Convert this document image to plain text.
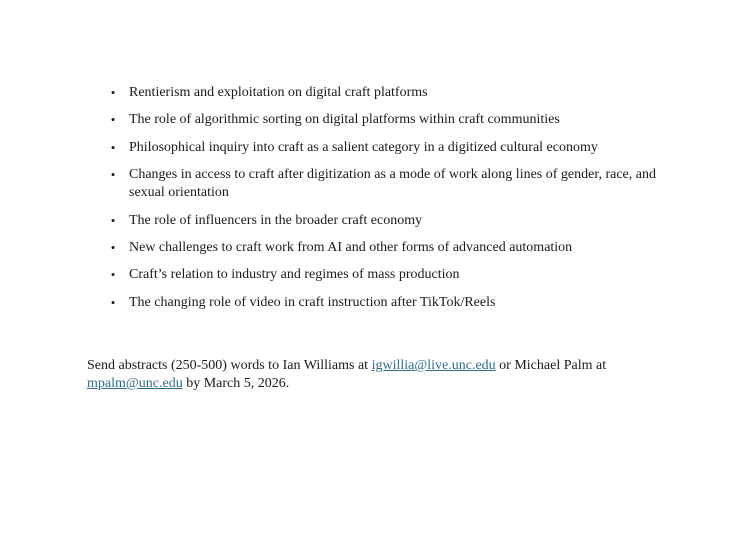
• Rentierism and exploitation on digital craft platforms
• The role of algorithmic sorting on digital platforms within craft communities
• Philosophical inquiry into craft as a salient category in a digitized cultural economy
• Changes in access to craft after digitization as a mode of work along lines of gender, race, and sexual orientation
• The role of influencers in the broader craft economy
• New challenges to craft work from AI and other forms of advanced automation
• Craft’s relation to industry and regimes of mass production
• The changing role of video in craft instruction after TikTok/Reels

Send abstracts (250-500) words to Ian Williams at igwillia@live.unc.edu or Michael Palm at mpalm@unc.edu by March 5, 2026.
